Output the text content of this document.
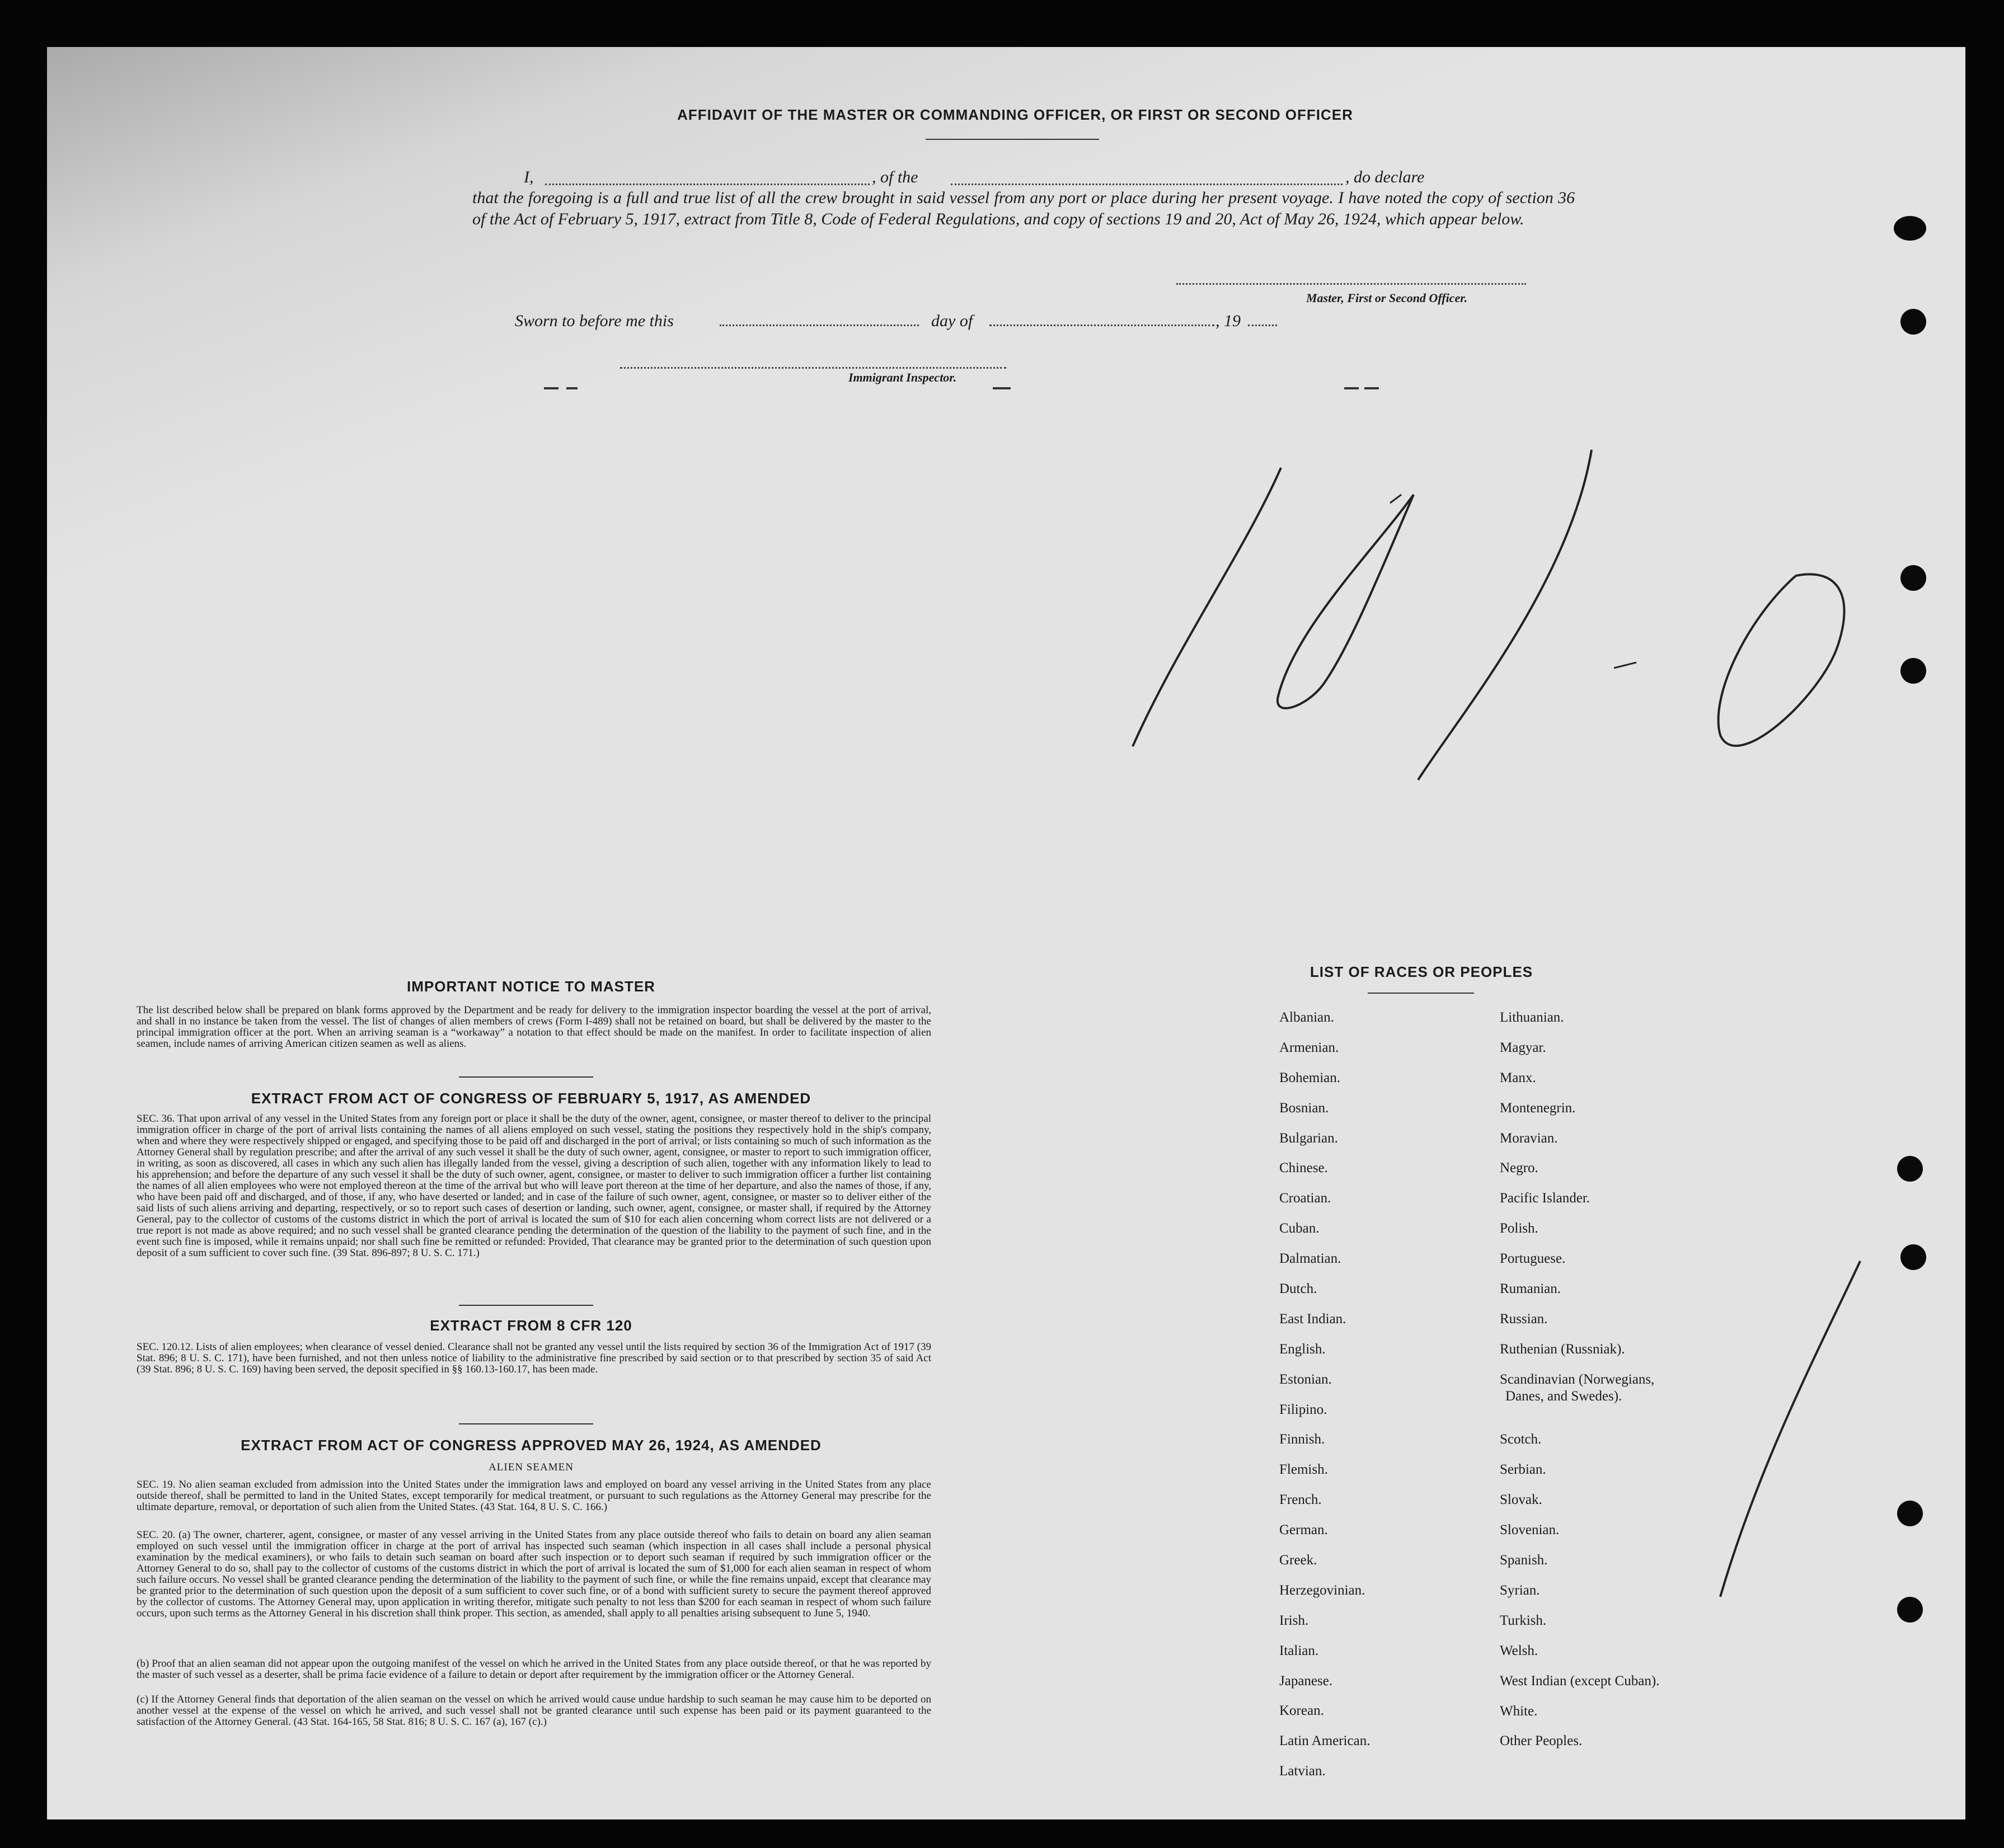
AFFIDAVIT OF THE MASTER OR COMMANDING OFFICER, OR FIRST OR SECOND OFFICER
I,	, of the	, do declare
that the foregoing is a full and true list of all the crew brought in said vessel from any port or place during her present voyage. I have noted the copy of section 36 of the Act of February 5, 1917, extract from Title 8, Code of Federal Regulations, and copy of sections 19 and 20, Act of May 26, 1924, which appear below.
Master, First or Second Officer.
Sworn to before me this	day of	, 19
Immigrant Inspector.
IMPORTANT NOTICE TO MASTER
The list described below shall be prepared on blank forms approved by the Department and be ready for delivery to the immigration inspector boarding the vessel at the port of arrival, and shall in no instance be taken from the vessel. The list of changes of alien members of crews (Form I-489) shall not be retained on board, but shall be delivered by the master to the principal immigration officer at the port. When an arriving seaman is a “workaway” a notation to that effect should be made on the manifest. In order to facilitate inspection of alien seamen, include names of arriving American citizen seamen as well as aliens.
EXTRACT FROM ACT OF CONGRESS OF FEBRUARY 5, 1917, AS AMENDED
SEC. 36. That upon arrival of any vessel in the United States from any foreign port or place it shall be the duty of the owner, agent, consignee, or master thereof to deliver to the principal immigration officer in charge of the port of arrival lists containing the names of all aliens employed on such vessel, stating the positions they respectively hold in the ship's company, when and where they were respectively shipped or engaged, and specifying those to be paid off and discharged in the port of arrival; or lists containing so much of such information as the Attorney General shall by regulation prescribe; and after the arrival of any such vessel it shall be the duty of such owner, agent, consignee, or master to report to such immigration officer, in writing, as soon as discovered, all cases in which any such alien has illegally landed from the vessel, giving a description of such alien, together with any information likely to lead to his apprehension; and before the departure of any such vessel it shall be the duty of such owner, agent, consignee, or master to deliver to such immigration officer a further list containing the names of all alien employees who were not employed thereon at the time of the arrival but who will leave port thereon at the time of her departure, and also the names of those, if any, who have been paid off and discharged, and of those, if any, who have deserted or landed; and in case of the failure of such owner, agent, consignee, or master so to deliver either of the said lists of such aliens arriving and departing, respectively, or so to report such cases of desertion or landing, such owner, agent, consignee, or master shall, if required by the Attorney General, pay to the collector of customs of the customs district in which the port of arrival is located the sum of $10 for each alien concerning whom correct lists are not delivered or a true report is not made as above required; and no such vessel shall be granted clearance pending the determination of the question of the liability to the payment of such fine, and in the event such fine is imposed, while it remains unpaid; nor shall such fine be remitted or refunded: Provided, That clearance may be granted prior to the determination of such question upon deposit of a sum sufficient to cover such fine. (39 Stat. 896-897; 8 U. S. C. 171.)
EXTRACT FROM 8 CFR 120
SEC. 120.12. Lists of alien employees; when clearance of vessel denied. Clearance shall not be granted any vessel until the lists required by section 36 of the Immigration Act of 1917 (39 Stat. 896; 8 U. S. C. 171), have been furnished, and not then unless notice of liability to the administrative fine prescribed by said section or to that prescribed by section 35 of said Act (39 Stat. 896; 8 U. S. C. 169) having been served, the deposit specified in §§ 160.13-160.17, has been made.
EXTRACT FROM ACT OF CONGRESS APPROVED MAY 26, 1924, AS AMENDED
ALIEN SEAMEN
SEC. 19. No alien seaman excluded from admission into the United States under the immigration laws and employed on board any vessel arriving in the United States from any place outside thereof, shall be permitted to land in the United States, except temporarily for medical treatment, or pursuant to such regulations as the Attorney General may prescribe for the ultimate departure, removal, or deportation of such alien from the United States. (43 Stat. 164, 8 U. S. C. 166.)
SEC. 20. (a) The owner, charterer, agent, consignee, or master of any vessel arriving in the United States from any place outside thereof who fails to detain on board any alien seaman employed on such vessel until the immigration officer in charge at the port of arrival has inspected such seaman (which inspection in all cases shall include a personal physical examination by the medical examiners), or who fails to detain such seaman on board after such inspection or to deport such seaman if required by such immigration officer or the Attorney General to do so, shall pay to the collector of customs of the customs district in which the port of arrival is located the sum of $1,000 for each alien seaman in respect of whom such failure occurs. No vessel shall be granted clearance pending the determination of the liability to the payment of such fine, or while the fine remains unpaid, except that clearance may be granted prior to the determination of such question upon the deposit of a sum sufficient to cover such fine, or of a bond with sufficient surety to secure the payment thereof approved by the collector of customs. The Attorney General may, upon application in writing therefor, mitigate such penalty to not less than $200 for each seaman in respect of whom such failure occurs, upon such terms as the Attorney General in his discretion shall think proper. This section, as amended, shall apply to all penalties arising subsequent to June 5, 1940.
(b) Proof that an alien seaman did not appear upon the outgoing manifest of the vessel on which he arrived in the United States from any place outside thereof, or that he was reported by the master of such vessel as a deserter, shall be prima facie evidence of a failure to detain or deport after requirement by the immigration officer or the Attorney General.
(c) If the Attorney General finds that deportation of the alien seaman on the vessel on which he arrived would cause undue hardship to such seaman he may cause him to be deported on another vessel at the expense of the vessel on which he arrived, and such vessel shall not be granted clearance until such expense has been paid or its payment guaranteed to the satisfaction of the Attorney General. (43 Stat. 164-165, 58 Stat. 816; 8 U. S. C. 167 (a), 167 (c).)
LIST OF RACES OR PEOPLES
Albanian.
Armenian.
Bohemian.
Bosnian.
Bulgarian.
Chinese.
Croatian.
Cuban.
Dalmatian.
Dutch.
East Indian.
English.
Estonian.
Filipino.
Finnish.
Flemish.
French.
German.
Greek.
Herzegovinian.
Irish.
Italian.
Japanese.
Korean.
Latin American.
Latvian.
Lithuanian.
Magyar.
Manx.
Montenegrin.
Moravian.
Negro.
Pacific Islander.
Polish.
Portuguese.
Rumanian.
Russian.
Ruthenian (Russniak).
Scandinavian (Norwegians,
Danes, and Swedes).
Scotch.
Serbian.
Slovak.
Slovenian.
Spanish.
Syrian.
Turkish.
Welsh.
West Indian (except Cuban).
White.
Other Peoples.
